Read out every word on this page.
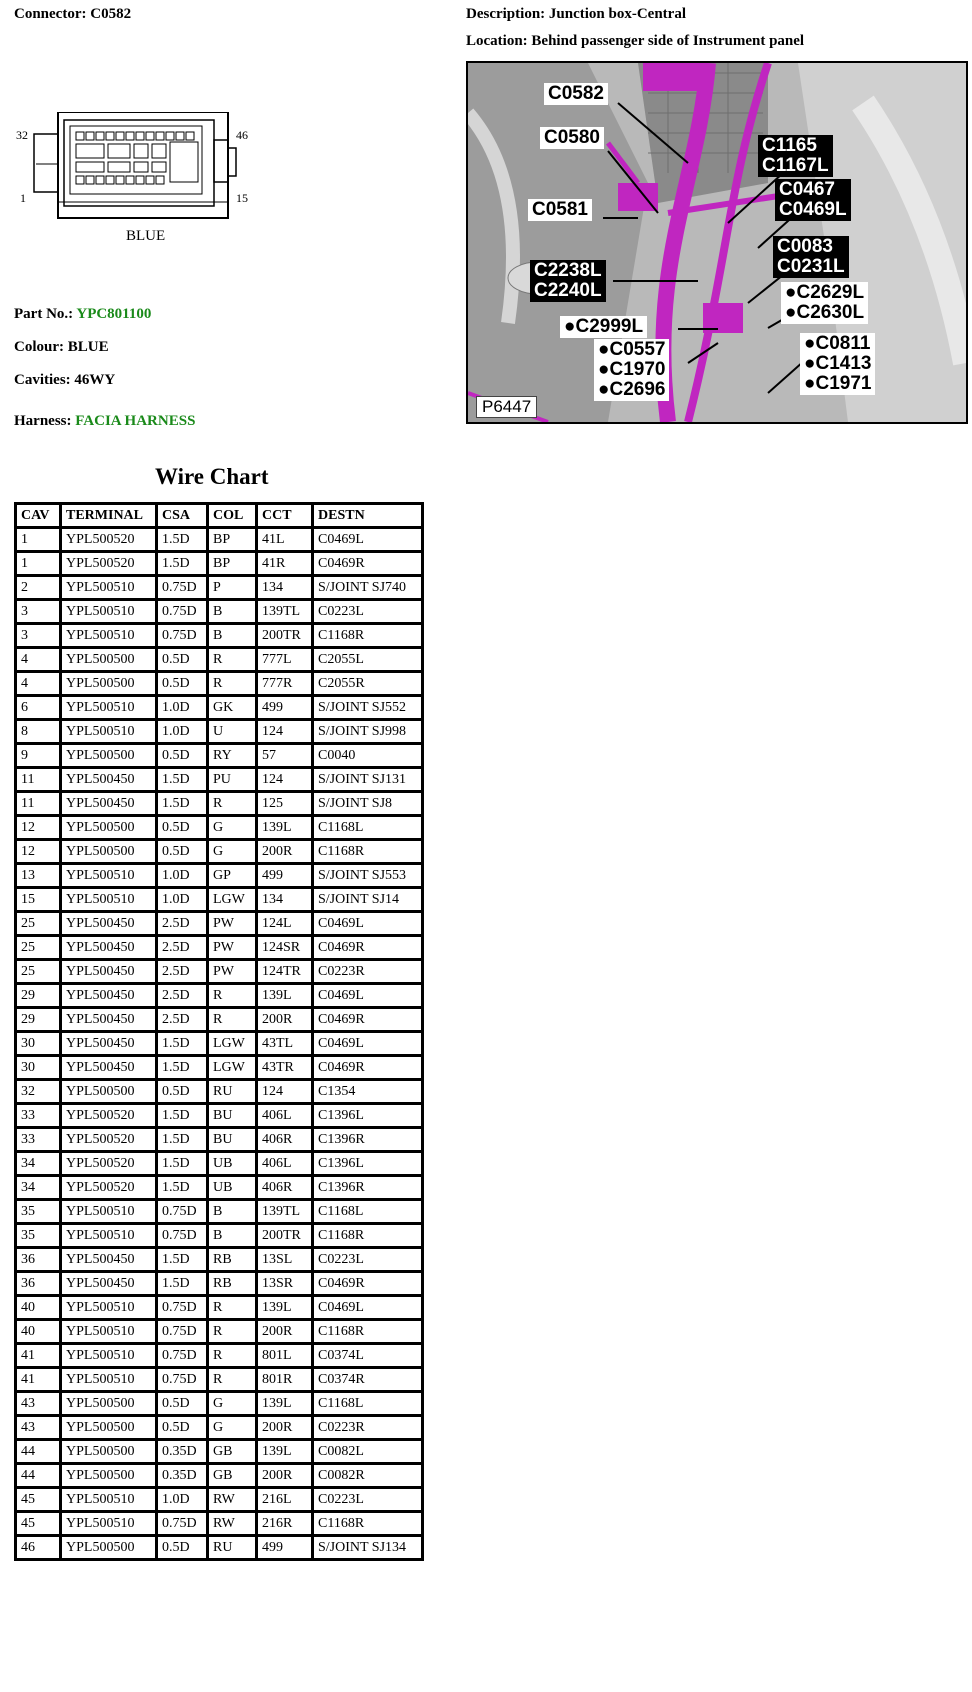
Connector: C0582	Description: Junction box-Central
Location: Behind passenger side of Instrument panel
32	46
1	15
BLUE
Part No.: YPC801100
Colour: BLUE
Cavities: 46WY
Harness: FACIA HARNESS
C0582
C0580
C0581
C1165
C1167L
C0467
C0469L
C0083
C0231L
C2238L
C2240L	●C2629L
●C2630L
●C2999L
●C0557
●C1970
●C2696
●C0811
●C1413
●C1971
P6447
Wire Chart
CAV	TERMINAL	CSA	COL	CCT	DESTN
1	YPL500520	1.5D	BP	41L	C0469L
1	YPL500520	1.5D	BP	41R	C0469R
2	YPL500510	0.75D	P	134	S/JOINT SJ740
3	YPL500510	0.75D	B	139TL	C0223L
3	YPL500510	0.75D	B	200TR	C1168R
4	YPL500500	0.5D	R	777L	C2055L
4	YPL500500	0.5D	R	777R	C2055R
6	YPL500510	1.0D	GK	499	S/JOINT SJ552
8	YPL500510	1.0D	U	124	S/JOINT SJ998
9	YPL500500	0.5D	RY	57	C0040
11	YPL500450	1.5D	PU	124	S/JOINT SJ131
11	YPL500450	1.5D	R	125	S/JOINT SJ8
12	YPL500500	0.5D	G	139L	C1168L
12	YPL500500	0.5D	G	200R	C1168R
13	YPL500510	1.0D	GP	499	S/JOINT SJ553
15	YPL500510	1.0D	LGW	134	S/JOINT SJ14
25	YPL500450	2.5D	PW	124L	C0469L
25	YPL500450	2.5D	PW	124SR	C0469R
25	YPL500450	2.5D	PW	124TR	C0223R
29	YPL500450	2.5D	R	139L	C0469L
29	YPL500450	2.5D	R	200R	C0469R
30	YPL500450	1.5D	LGW	43TL	C0469L
30	YPL500450	1.5D	LGW	43TR	C0469R
32	YPL500500	0.5D	RU	124	C1354
33	YPL500520	1.5D	BU	406L	C1396L
33	YPL500520	1.5D	BU	406R	C1396R
34	YPL500520	1.5D	UB	406L	C1396L
34	YPL500520	1.5D	UB	406R	C1396R
35	YPL500510	0.75D	B	139TL	C1168L
35	YPL500510	0.75D	B	200TR	C1168R
36	YPL500450	1.5D	RB	13SL	C0223L
36	YPL500450	1.5D	RB	13SR	C0469R
40	YPL500510	0.75D	R	139L	C0469L
40	YPL500510	0.75D	R	200R	C1168R
41	YPL500510	0.75D	R	801L	C0374L
41	YPL500510	0.75D	R	801R	C0374R
43	YPL500500	0.5D	G	139L	C1168L
43	YPL500500	0.5D	G	200R	C0223R
44	YPL500500	0.35D	GB	139L	C0082L
44	YPL500500	0.35D	GB	200R	C0082R
45	YPL500510	1.0D	RW	216L	C0223L
45	YPL500510	0.75D	RW	216R	C1168R
46	YPL500500	0.5D	RU	499	S/JOINT SJ134
